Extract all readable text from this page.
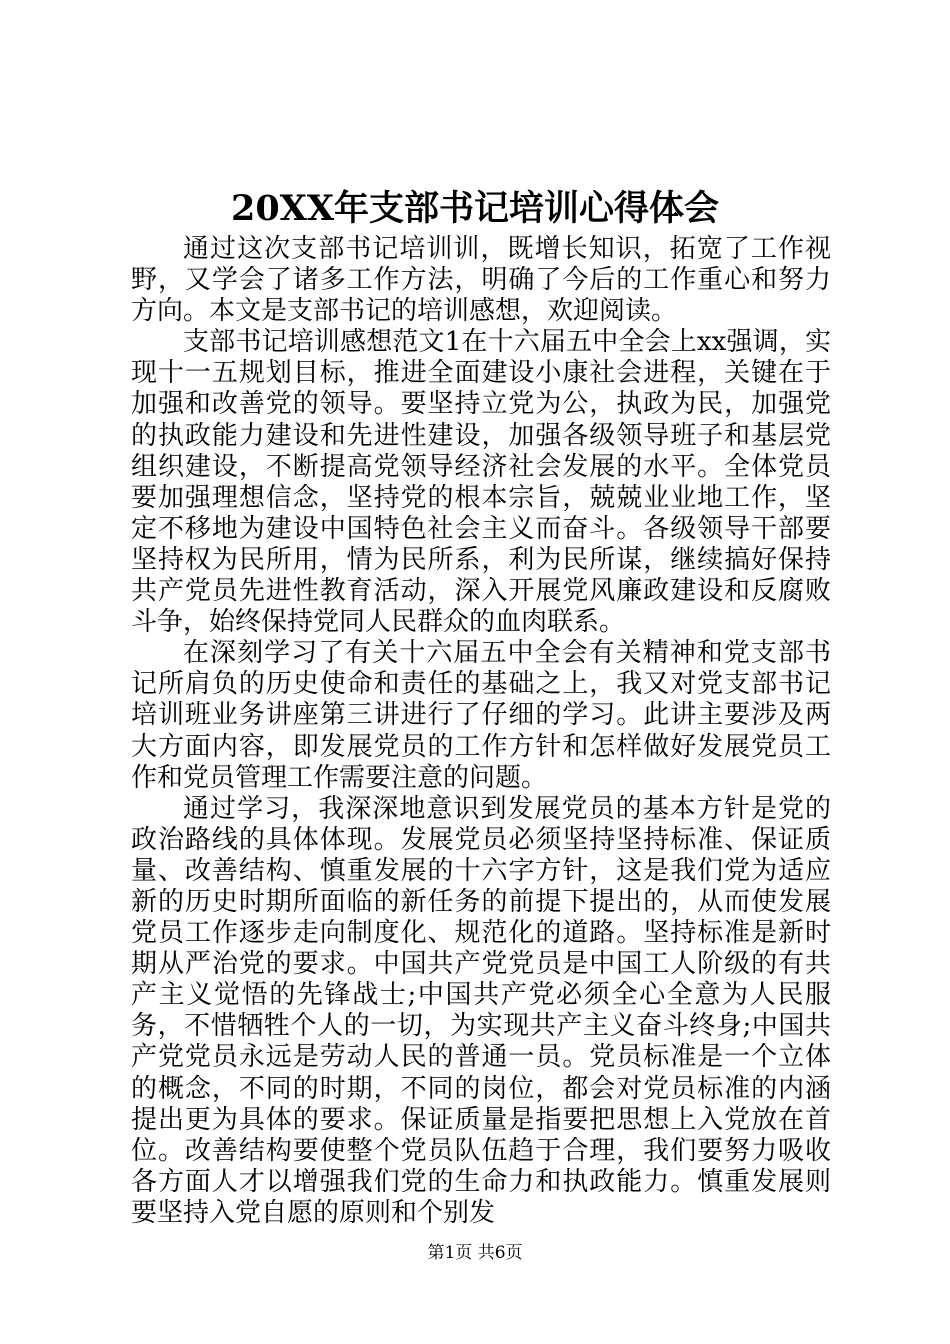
20XX年支部书记培训心得体会

通过这次支部书记培训训，既增长知识，拓宽了工作视野，又学会了诸多工作方法，明确了今后的工作重心和努力方向。本文是支部书记的培训感想，欢迎阅读。

支部书记培训感想范文1在十六届五中全会上xx强调，实现十一五规划目标，推进全面建设小康社会进程，关键在于加强和改善党的领导。要坚持立党为公，执政为民，加强党的执政能力建设和先进性建设，加强各级领导班子和基层党组织建设，不断提高党领导经济社会发展的水平。全体党员要加强理想信念，坚持党的根本宗旨，兢兢业业地工作，坚定不移地为建设中国特色社会主义而奋斗。各级领导干部要坚持权为民所用，情为民所系，利为民所谋，继续搞好保持共产党员先进性教育活动，深入开展党风廉政建设和反腐败斗争，始终保持党同人民群众的血肉联系。

在深刻学习了有关十六届五中全会有关精神和党支部书记所肩负的历史使命和责任的基础之上，我又对党支部书记培训班业务讲座第三讲进行了仔细的学习。此讲主要涉及两大方面内容，即发展党员的工作方针和怎样做好发展党员工作和党员管理工作需要注意的问题。

通过学习，我深深地意识到发展党员的基本方针是党的政治路线的具体体现。发展党员必须坚持坚持标准、保证质量、改善结构、慎重发展的十六字方针，这是我们党为适应新的历史时期所面临的新任务的前提下提出的，从而使发展党员工作逐步走向制度化、规范化的道路。坚持标准是新时期从严治党的要求。中国共产党党员是中国工人阶级的有共产主义觉悟的先锋战士;中国共产党必须全心全意为人民服务，不惜牺牲个人的一切，为实现共产主义奋斗终身;中国共产党党员永远是劳动人民的普通一员。党员标准是一个立体的概念，不同的时期，不同的岗位，都会对党员标准的内涵提出更为具体的要求。保证质量是指要把思想上入党放在首位。改善结构要使整个党员队伍趋于合理，我们要努力吸收各方面人才以增强我们党的生命力和执政能力。慎重发展则要坚持入党自愿的原则和个别发

第1页 共6页
